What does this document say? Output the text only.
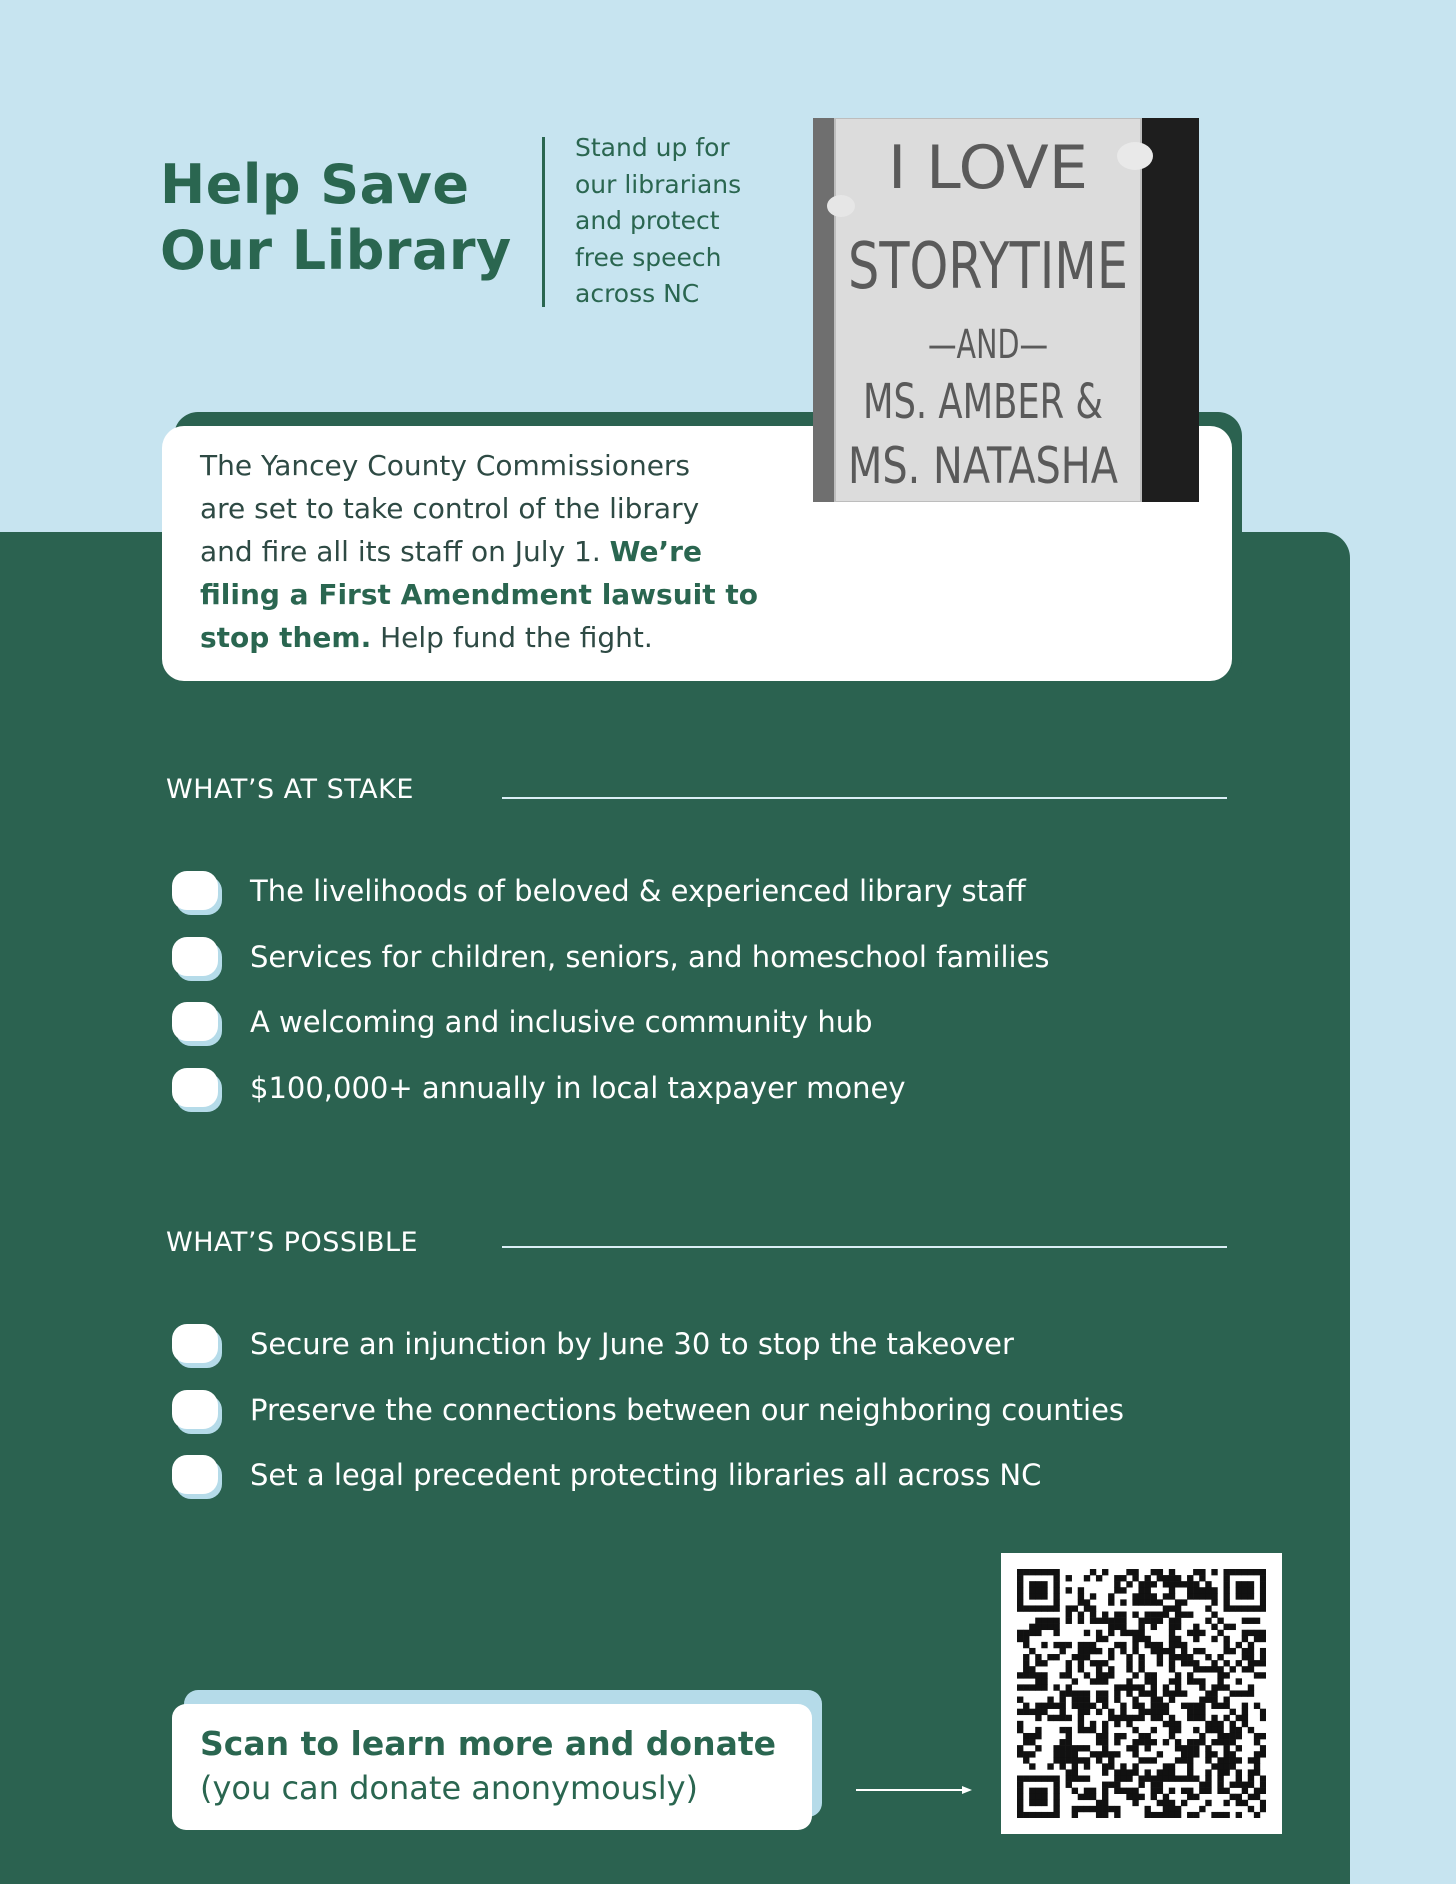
Help Save
Our Library
Stand up for
our librarians
and protect
free speech
across NC
The Yancey County Commissioners
are set to take control of the library
and fire all its staff on July 1. We’re
filing a First Amendment lawsuit to
stop them. Help fund the fight.
I LOVE
STORYTIME
—AND—
MS. AMBER &
MS. NATASHA
WHAT’S AT STAKE
The livelihoods of beloved & experienced library staff
Services for children, seniors, and homeschool families
A welcoming and inclusive community hub
$100,000+ annually in local taxpayer money
WHAT’S POSSIBLE
Secure an injunction by June 30 to stop the takeover
Preserve the connections between our neighboring counties
Set a legal precedent protecting libraries all across NC
Scan to learn more and donate
(you can donate anonymously)
